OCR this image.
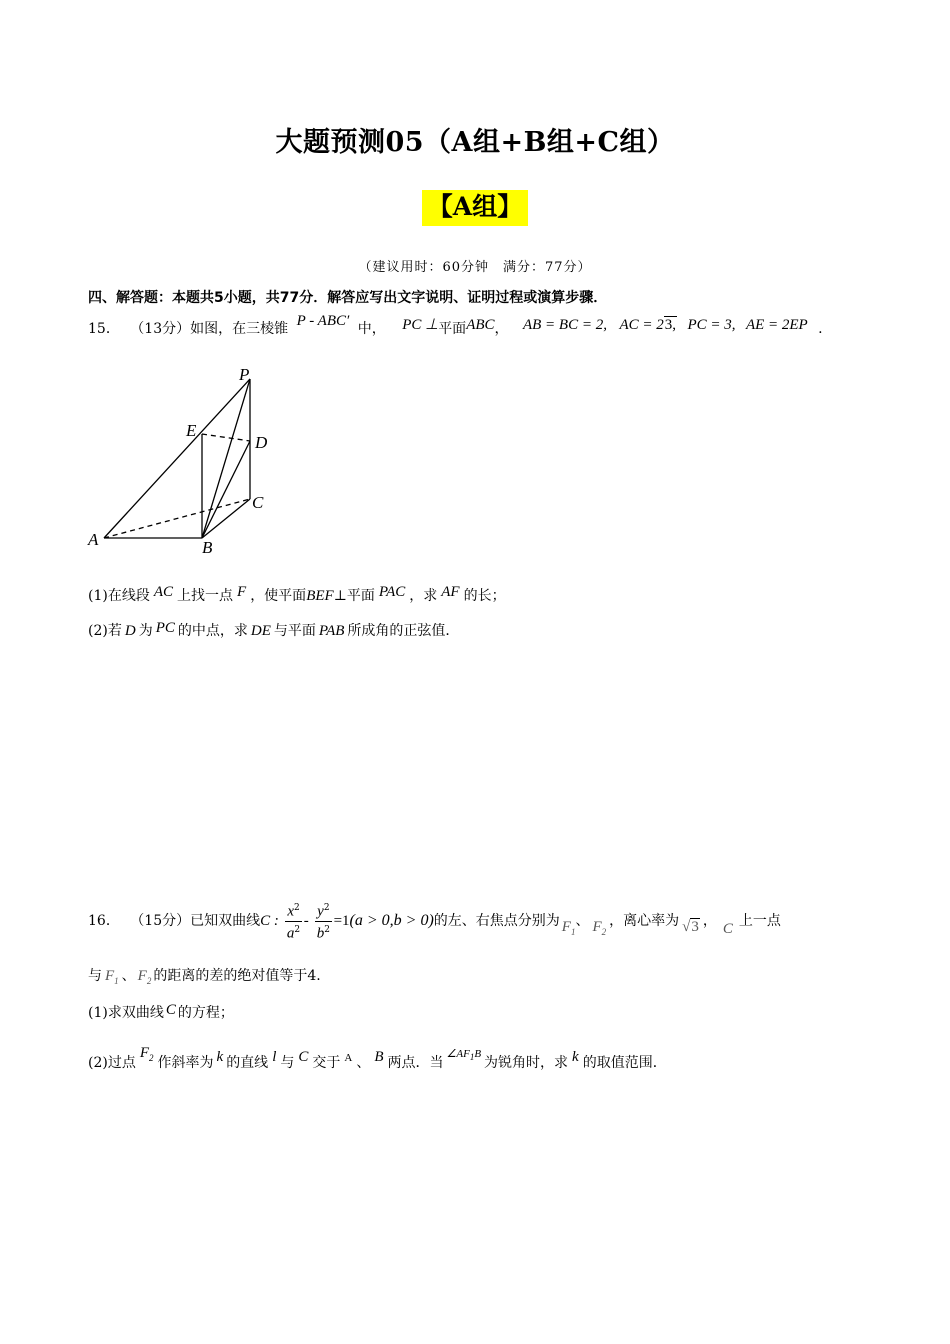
大题预测05（A组+B组+C组）
【A组】
（建议用时：60分钟　满分：77分）
四、解答题：本题共5小题，共77分．解答应写出文字说明、证明过程或演算步骤．
15． （13分）如图，在三棱锥 P - ABC′ 中， PC ⊥平面ABC， AB = BC = 2, AC = 23, PC = 3, AE = 2EP .
P
E
D
C
A	B
(1)在线段 AC 上找一点 F ，使平面BEF⊥平面 PAC ，求 AF 的长；
(2)若 D 为 PC 的中点，求 DE 与平面 PAB 所成角的正弦值．
16． （15分）已知双曲线C : $\frac{x^2}{a^2} - \frac{y^2}{b^2} =1(a > 0,b > 0)$的左、右焦点分别为 $F_1$、 $F_2$，离心率为 √3 ， C 上一点
与 $F_1$ 、 $F_2$ 的距离的差的绝对值等于4.
(1)求双曲线 C 的方程；
(2)过点$F_2$ 作斜率为 k 的直线 l 与 C 交于 $^A$ 、 B 两点．当$^{\angle AF_1B}$为锐角时，求 k 的取值范围．
